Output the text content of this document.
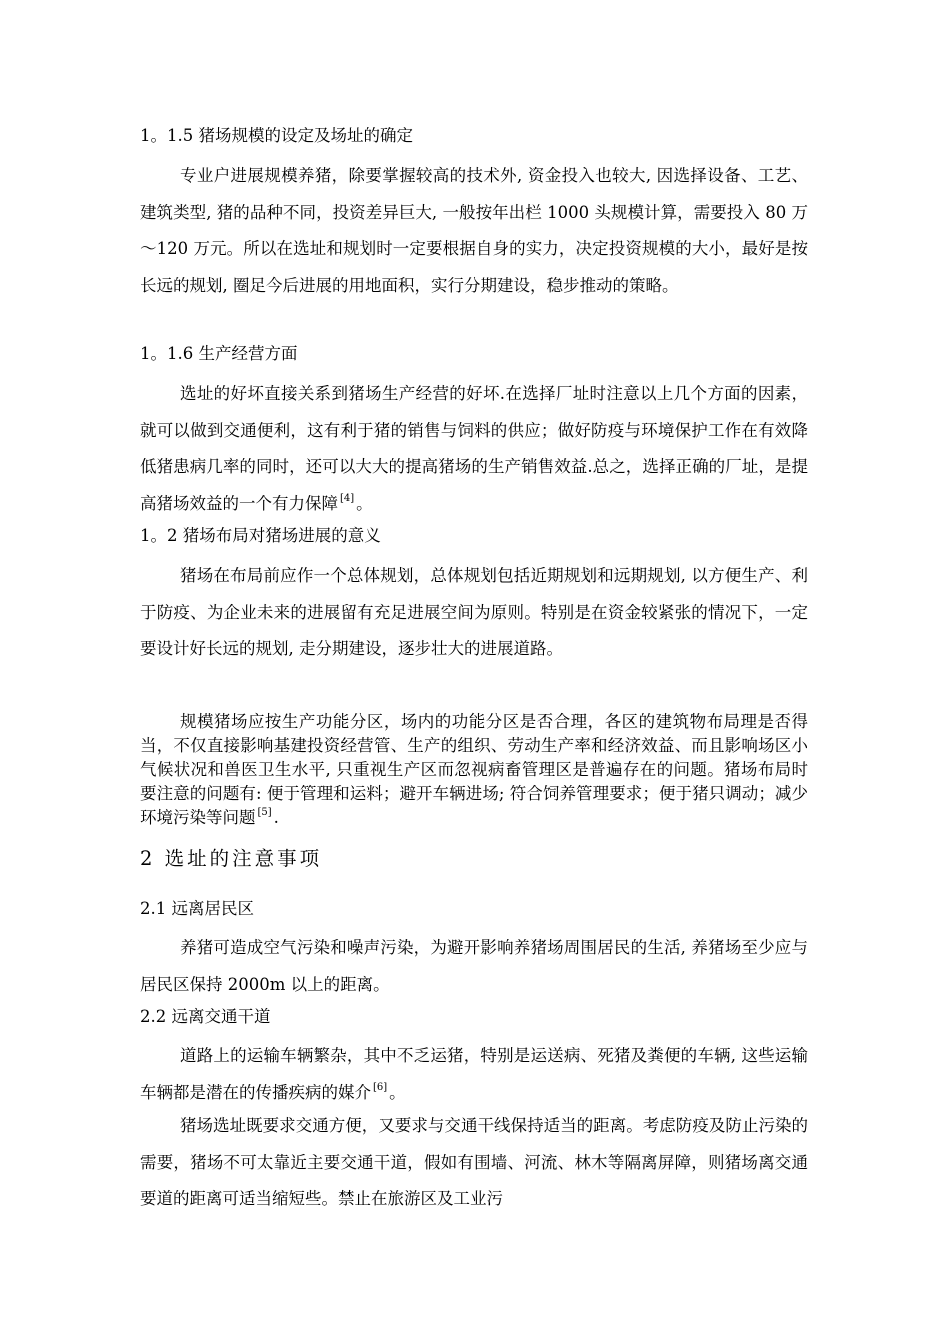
1。1.5 猪场规模的设定及场址的确定

专业户进展规模养猪，除要掌握较高的技术外, 资金投入也较大, 因选择设备、工艺、建筑类型, 猪的品种不同，投资差异巨大, 一般按年出栏 1000 头规模计算，需要投入 80 万～120 万元。所以在选址和规划时一定要根据自身的实力，决定投资规模的大小，最好是按长远的规划, 圈足今后进展的用地面积，实行分期建设，稳步推动的策略。

1。1.6 生产经营方面

选址的好坏直接关系到猪场生产经营的好坏.在选择厂址时注意以上几个方面的因素，就可以做到交通便利，这有利于猪的销售与饲料的供应；做好防疫与环境保护工作在有效降低猪患病几率的同时，还可以大大的提高猪场的生产销售效益.总之，选择正确的厂址，是提高猪场效益的一个有力保障 [4] 。

1。2 猪场布局对猪场进展的意义

猪场在布局前应作一个总体规划，总体规划包括近期规划和远期规划, 以方便生产、利于防疫、为企业未来的进展留有充足进展空间为原则。特别是在资金较紧张的情况下，一定要设计好长远的规划, 走分期建设，逐步壮大的进展道路。

规模猪场应按生产功能分区，场内的功能分区是否合理，各区的建筑物布局理是否得当，不仅直接影响基建投资经营管、生产的组织、劳动生产率和经济效益、而且影响场区小气候状况和兽医卫生水平, 只重视生产区而忽视病畜管理区是普遍存在的问题。猪场布局时要注意的问题有: 便于管理和运料；避开车辆进场; 符合饲养管理要求；便于猪只调动；减少环境污染等问题 [5] .

2 选址的注意事项
2.1 远离居民区

养猪可造成空气污染和噪声污染，为避开影响养猪场周围居民的生活, 养猪场至少应与居民区保持 2000m 以上的距离。

2.2 远离交通干道

道路上的运输车辆繁杂，其中不乏运猪，特别是运送病、死猪及粪便的车辆, 这些运输车辆都是潜在的传播疾病的媒介 [6] 。

猪场选址既要求交通方便，又要求与交通干线保持适当的距离。考虑防疫及防止污染的需要，猪场不可太靠近主要交通干道，假如有围墙、河流、林木等隔离屏障，则猪场离交通要道的距离可适当缩短些。禁止在旅游区及工业污
